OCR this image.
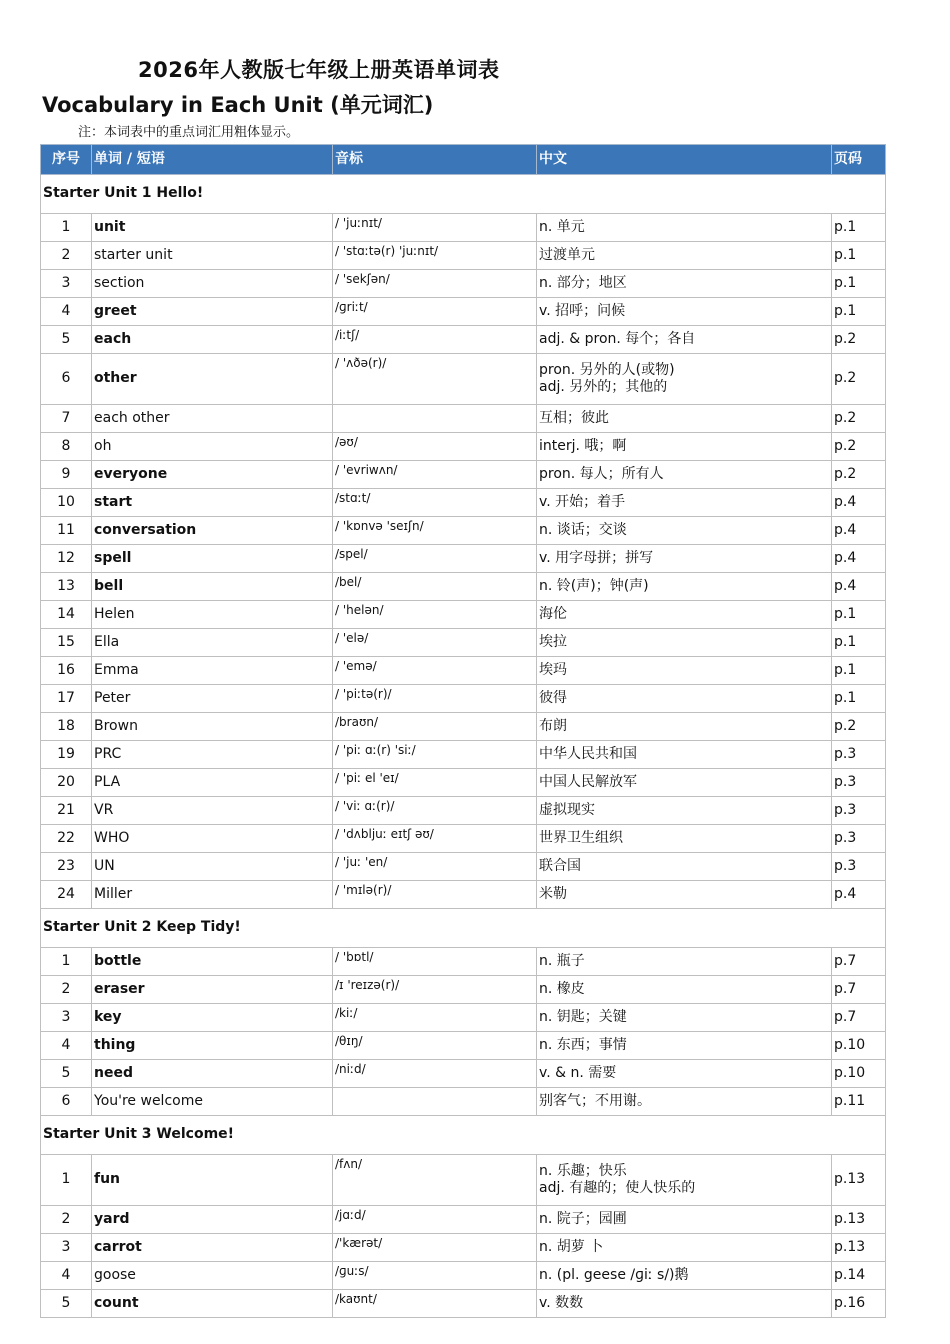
2026年人教版七年级上册英语单词表
Vocabulary in Each Unit (单元词汇)
注：本词表中的重点词汇用粗体显示。
序号	单词 / 短语	音标	中文	页码
Starter Unit 1 Hello!				
1	unit	/ 'juːnɪt/	n. 单元	p.1
2	starter unit	/ 'stɑːtə(r) 'juːnɪt/	过渡单元	p.1
3	section	/ 'sekʃən/	n. 部分；地区	p.1
4	greet	/ɡriːt/	v. 招呼；问候	p.1
5	each	/iːtʃ/	adj. & pron. 每个；各自	p.2
6	other	/ 'ʌðə(r)/	pron. 另外的人(或物)
adj. 另外的；其他的	p.2
7	each other		互相；彼此	p.2
8	oh	/əʊ/	interj. 哦；啊	p.2
9	everyone	/ 'evriwʌn/	pron. 每人；所有人	p.2
10	start	/stɑːt/	v. 开始；着手	p.4
11	conversation	/ 'kɒnvə 'seɪʃn/	n. 谈话；交谈	p.4
12	spell	/spel/	v. 用字母拼；拼写	p.4
13	bell	/bel/	n. 铃(声)；钟(声)	p.4
14	Helen	/ 'helən/	海伦	p.1
15	Ella	/ 'elə/	埃拉	p.1
16	Emma	/ 'emə/	埃玛	p.1
17	Peter	/ 'piːtə(r)/	彼得	p.1
18	Brown	/braʊn/	布朗	p.2
19	PRC	/ 'piː ɑː(r) 'siː/	中华人民共和国	p.3
20	PLA	/ 'piː el 'eɪ/	中国人民解放军	p.3
21	VR	/ 'viː ɑː(r)/	虚拟现实	p.3
22	WHO	/ 'dʌbljuː eɪtʃ əʊ/	世界卫生组织	p.3
23	UN	/ 'juː 'en/	联合国	p.3
24	Miller	/ 'mɪlə(r)/	米勒	p.4
Starter Unit 2 Keep Tidy!				
1	bottle	/ 'bɒtl/	n. 瓶子	p.7
2	eraser	/ɪ 'reɪzə(r)/	n. 橡皮	p.7
3	key	/kiː/	n. 钥匙；关键	p.7
4	thing	/θɪŋ/	n. 东西；事情	p.10
5	need	/niːd/	v. & n. 需要	p.10
6	You're welcome		别客气；不用谢。	p.11
Starter Unit 3 Welcome!				
1	fun	/fʌn/	n. 乐趣；快乐
adj. 有趣的；使人快乐的	p.13
2	yard	/jɑːd/	n. 院子；园圃	p.13
3	carrot	/'kærət/	n. 胡萝 卜	p.13
4	goose	/ɡuːs/	n. (pl. geese /ɡiː s/)鹅	p.14
5	count	/kaʊnt/	v. 数数	p.16
